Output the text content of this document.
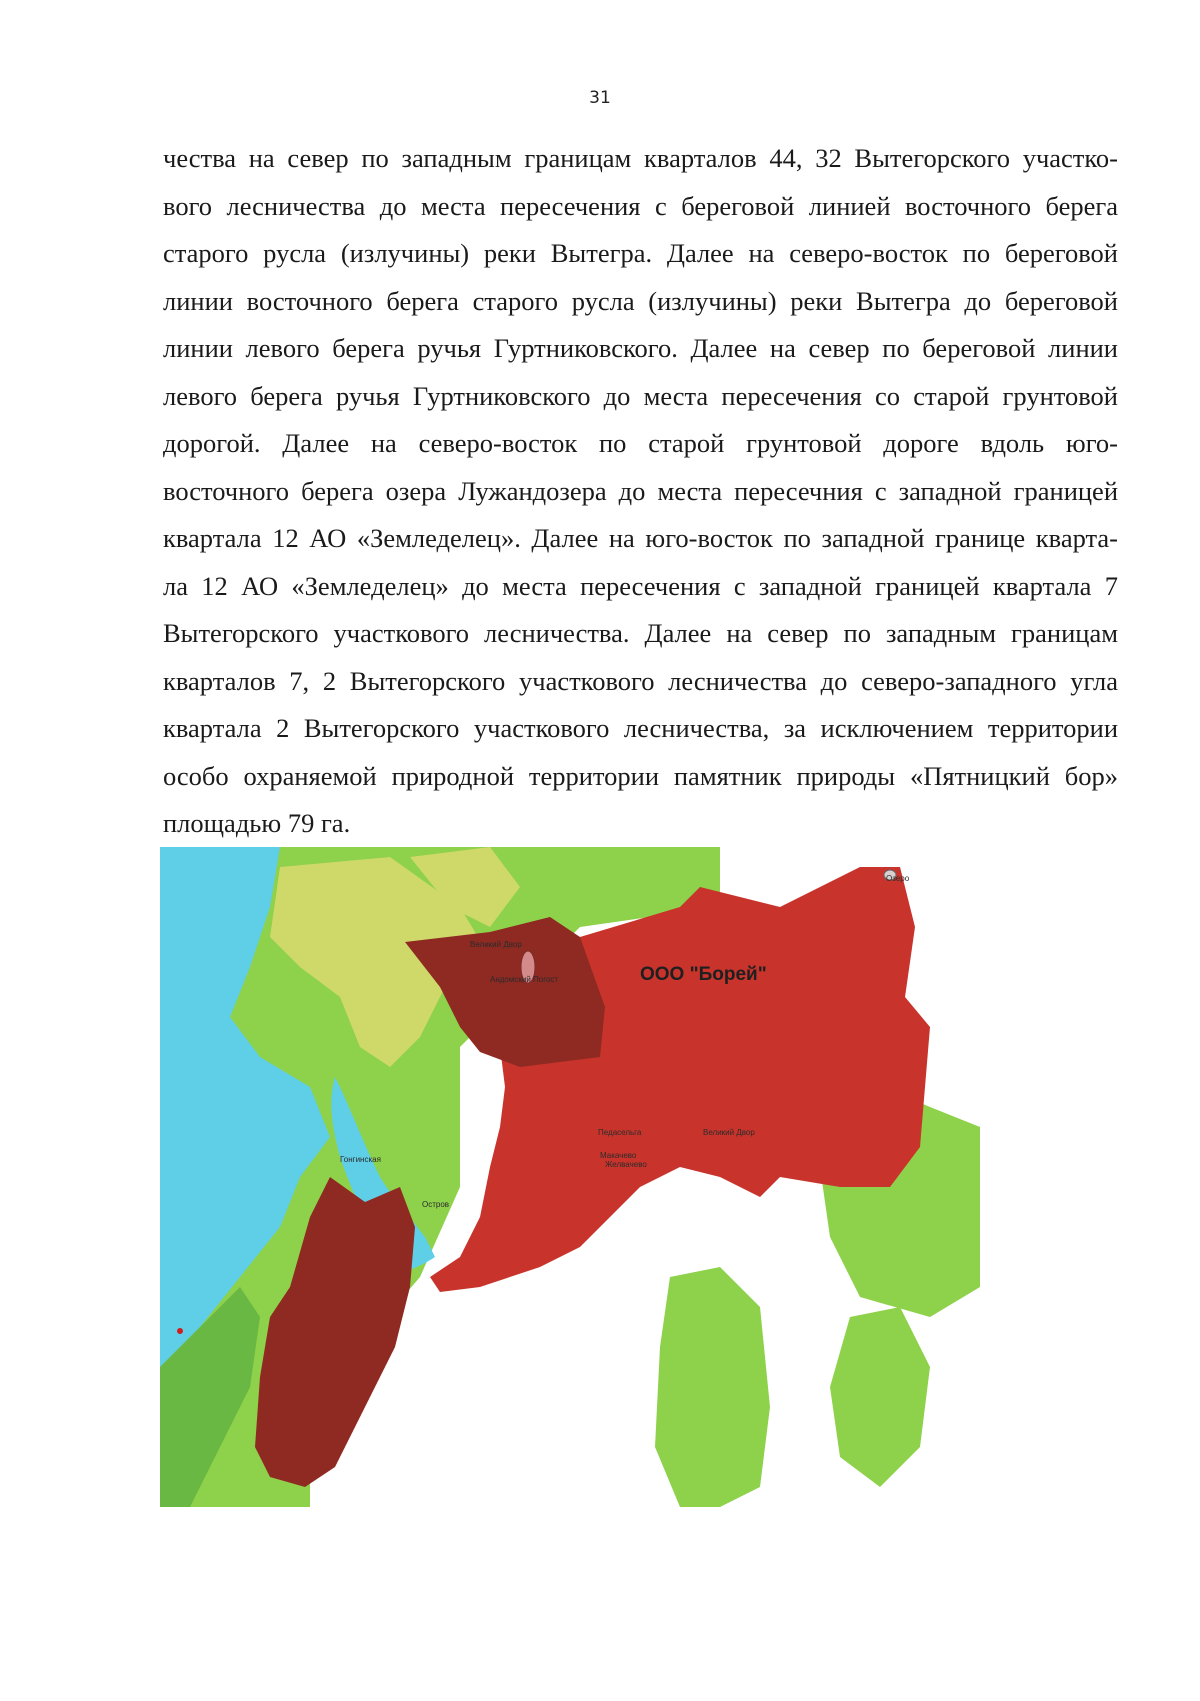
31
чества на север по западным границам кварталов 44, 32 Вытегорского участко-
вого лесничества до места пересечения с береговой линией восточного берега
старого русла (излучины) реки Вытегра. Далее на северо-восток по береговой
линии восточного берега старого русла (излучины) реки Вытегра до береговой
линии левого берега ручья Гуртниковского. Далее на север по береговой линии
левого берега ручья Гуртниковского до места пересечения со старой грунтовой
дорогой. Далее на северо-восток по старой грунтовой дороге вдоль юго-
восточного берега озера Лужандозера до места пересечния с западной границей
квартала 12 АО «Земледелец». Далее на юго-восток по западной границе кварта-
ла 12 АО «Земледелец» до места пересечения с западной границей квартала 7
Вытегорского участкового лесничества. Далее на север по западным границам
кварталов 7, 2 Вытегорского участкового лесничества до северо-западного угла
квартала 2 Вытегорского участкового лесничества, за исключением территории
особо охраняемой природной территории памятник природы «Пятницкий бор»
площадью 79 га.
ООО "Борей"
Великий Двор
Андомский Погост
Озеро
Гонгинская
Остров
Педасельга
Макачево
Желвачево
Великий Двор
